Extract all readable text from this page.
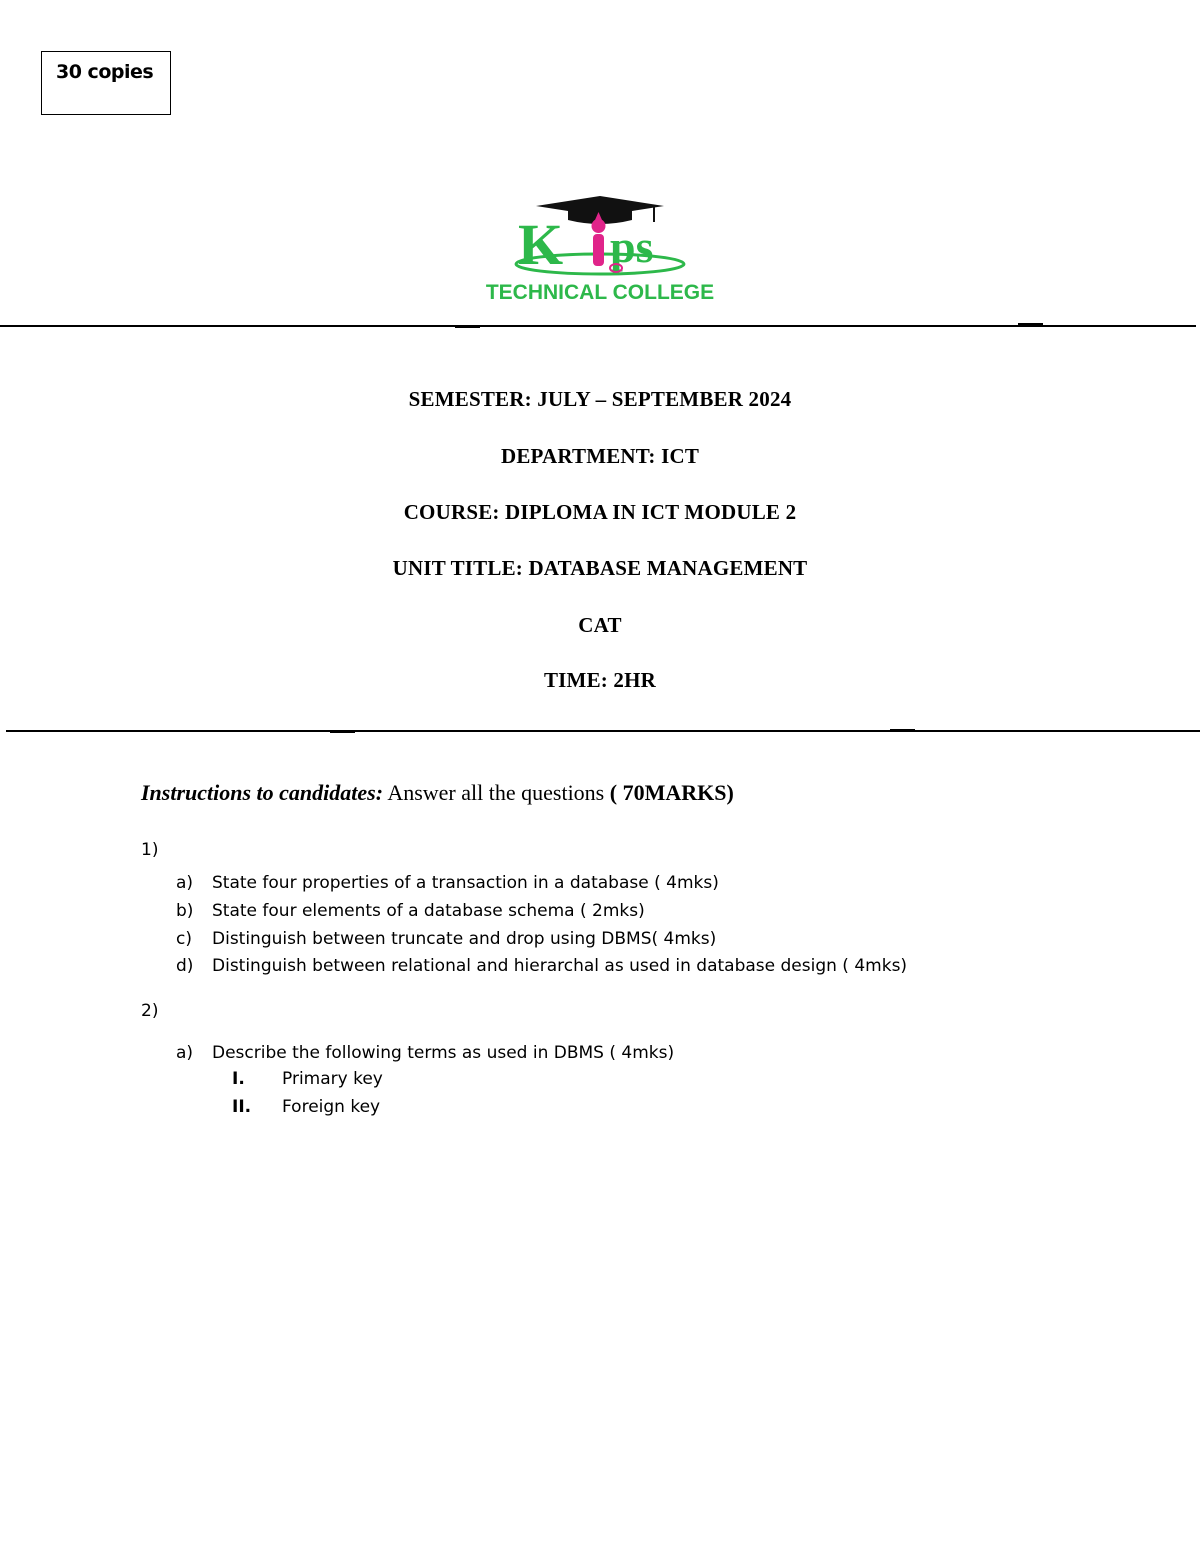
30 copies
K ps
TECHNICAL COLLEGE
SEMESTER: JULY – SEPTEMBER 2024
DEPARTMENT: ICT
COURSE: DIPLOMA IN ICT MODULE 2
UNIT TITLE: DATABASE MANAGEMENT
CAT
TIME: 2HR
Instructions to candidates: Answer all the questions ( 70MARKS)
1)
a) State four properties of a transaction in a database ( 4mks)
b) State four elements of a database schema ( 2mks)
c) Distinguish between truncate and drop using DBMS( 4mks)
d) Distinguish between relational and hierarchal as used in database design ( 4mks)
2)
a) Describe the following terms as used in DBMS ( 4mks)
I. Primary key
II. Foreign key
